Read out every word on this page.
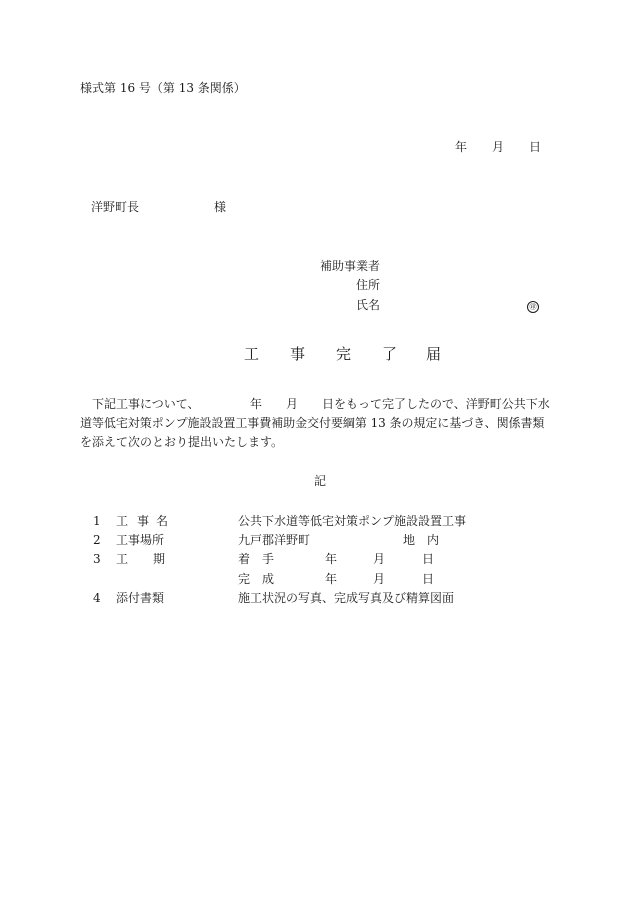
様式第 16 号（第 13 条関係）
年 月 日
洋野町長	様
補助事業者
住所
氏名	㊞
工 事 完 了 届
下記工事について、	年 月 日をもって完了したので、洋野町公共下水
道等低宅対策ポンプ施設設置工事費補助金交付要綱第 13 条の規定に基づき、関係書類
を添えて次のとおり提出いたします。
記
1 工 事 名	公共下水道等低宅対策ポンプ施設設置工事
2 工事場所	九戸郡洋野町	地　内
3 工 期	着　手	年	月	日
完　成	年	月	日
4 添付書類	施工状況の写真、完成写真及び精算図面
